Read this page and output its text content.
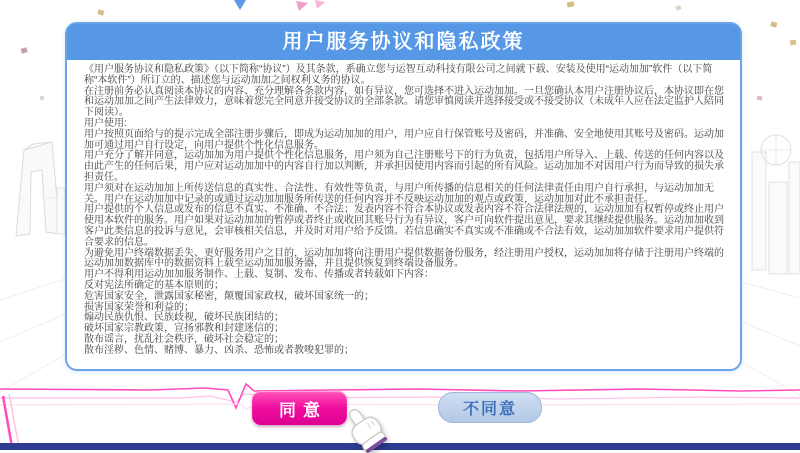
用户服务协议和隐私政策
《用户服务协议和隐私政策》（以下简称“协议”）及其条款，系确立您与运智互动科技有限公司之间就下载、安装及使用“运动加加”软件（以下简称“本软件”）所订立的、描述您与运动加加之间权利义务的协议。
在注册前务必认真阅读本协议的内容、充分理解各条款内容，如有异议，您可选择不进入运动加加。一旦您确认本用户注册协议后，本协议即在您和运动加加之间产生法律效力，意味着您完全同意并接受协议的全部条款。请您审慎阅读并选择接受或不接受协议（未成年人应在法定监护人陪同下阅读）。
用户使用:
用户按照页面给与的提示完成全部注册步骤后，即成为运动加加的用户，用户应自行保管账号及密码，并准确、安全地使用其账号及密码。运动加加可通过用户自行设定，向用户提供个性化信息服务。
用户充分了解并同意，运动加加为用户提供个性化信息服务，用户须为自己注册账号下的行为负责，包括用户所导入、上载、传送的任何内容以及由此产生的任何后果，用户应对运动加加中的内容自行加以判断，并承担因使用内容而引起的所有风险。运动加加不对因用户行为而导致的损失承担责任。
用户须对在运动加加上所传送信息的真实性、合法性、有效性等负责，与用户所传播的信息相关的任何法律责任由用户自行承担，与运动加加无关。用户在运动加加中记录的或通过运动加加服务所传送的任何内容并不反映运动加加的观点或政策，运动加加对此不承担责任。
用户提供的个人信息或发布的信息不真实、不准确、不合法；发表内容不符合本协议或发表内容不符合法律法规的，运动加加有权暂停或终止用户使用本软件的服务。用户如果对运动加加的暂停或者终止或收回其账号行为有异议，客户可向软件提出意见，要求其继续提供服务。运动加加收到客户此类信息的投诉与意见，会审核相关信息，并及时对用户给予反馈。若信息确实不真实或不准确或不合法有效，运动加加软件要求用户提供符合要求的信息。
为避免用户终端数据丢失、更好服务用户之目的，运动加加将向注册用户提供数据备份服务，经注册用户授权，运动加加将存储于注册用户终端的运动加加数据库中的数据资料上载至运动加加服务器，并且提供恢复到终端设备服务。
用户不得利用运动加加服务制作、上载、复制、发布、传播或者转载如下内容：
反对宪法所确定的基本原则的；
危害国家安全，泄露国家秘密，颠覆国家政权，破坏国家统一的；
损害国家荣誉和利益的；
煽动民族仇恨、民族歧视，破坏民族团结的；
破坏国家宗教政策，宣扬邪教和封建迷信的；
散布谣言，扰乱社会秩序，破坏社会稳定的；
散布淫秽、色情、赌博、暴力、凶杀、恐怖或者教唆犯罪的；
同意	不同意
